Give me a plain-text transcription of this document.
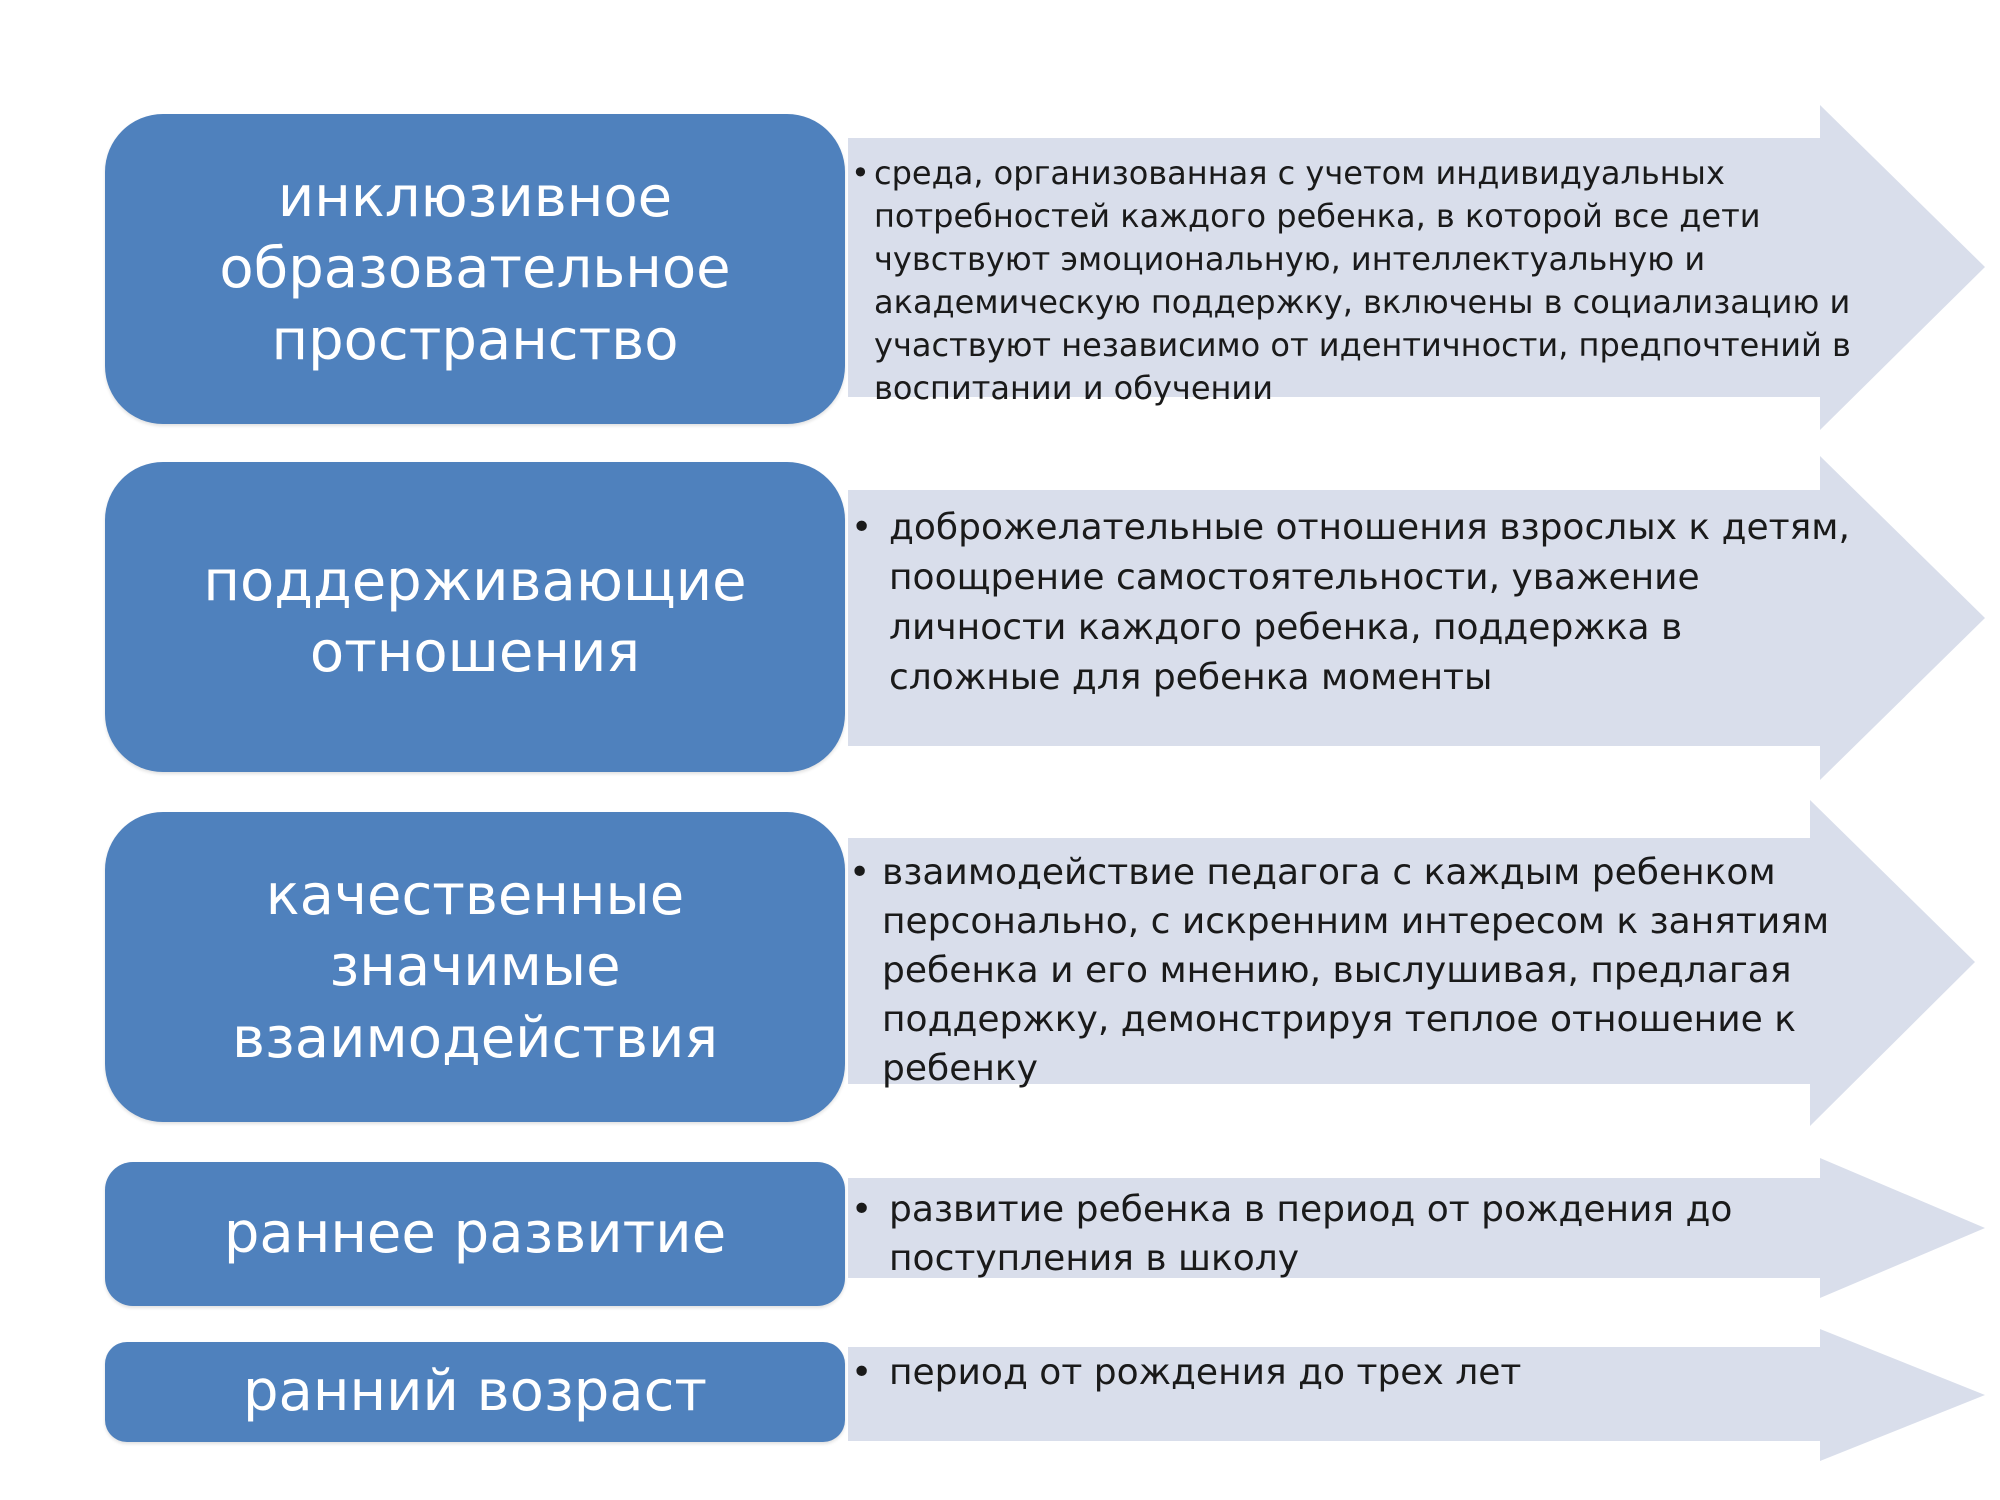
инклюзивное
образовательное
пространство
• среда, организованная с учетом индивидуальных потребностей каждого ребенка, в которой все дети чувствуют эмоциональную, интеллектуальную и академическую поддержку, включены в социализацию и участвуют независимо от идентичности, предпочтений в воспитании и обучении
поддерживающие
отношения
• доброжелательные отношения взрослых к детям, поощрение самостоятельности, уважение личности каждого ребенка, поддержка в сложные для ребенка моменты
качественные
значимые
взаимодействия
• взаимодействие педагога с каждым ребенком персонально, с искренним интересом к занятиям ребенка и его мнению, выслушивая, предлагая поддержку, демонстрируя теплое отношение к ребенку
раннее развитие	• развитие ребенка в период от рождения до поступления в школу
ранний возраст	• период от рождения до трех лет
